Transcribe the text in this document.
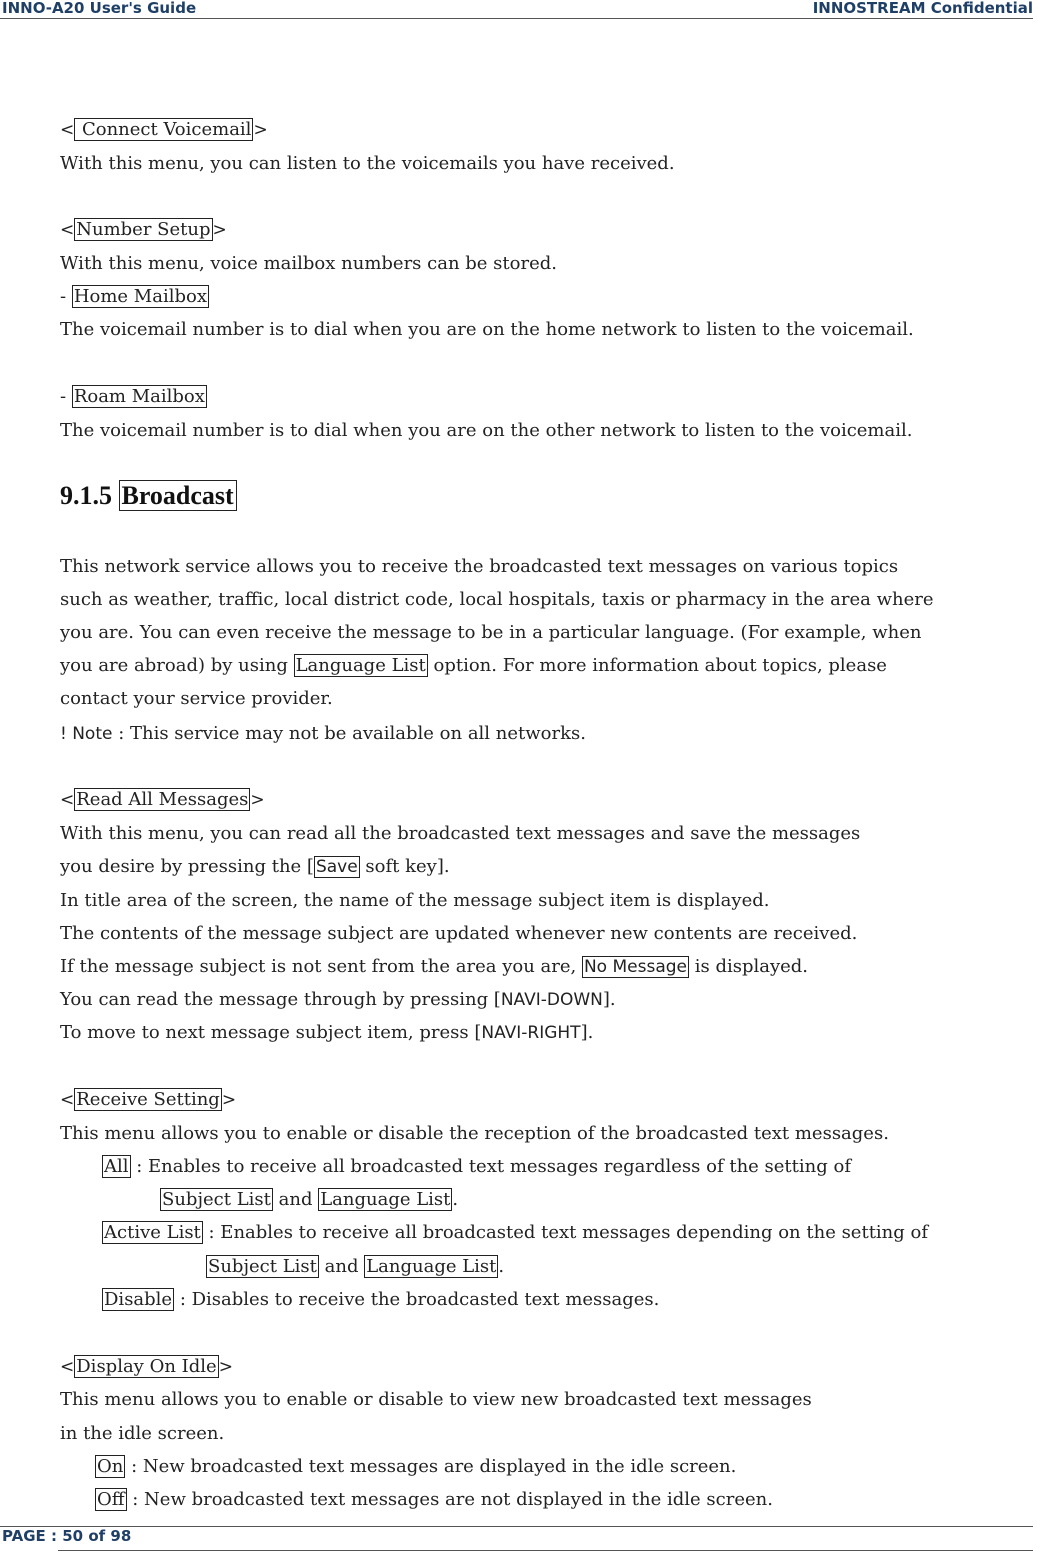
INNO-A20 User's Guide	INNOSTREAM Confidential
< Connect Voicemail >
With this menu, you can listen to the voicemails you have received.
< Number Setup >
With this menu, voice mailbox numbers can be stored.
- Home Mailbox
The voicemail number is to dial when you are on the home network to listen to the voicemail.
- Roam Mailbox
The voicemail number is to dial when you are on the other network to listen to the voicemail.
9.1.5 Broadcast
This network service allows you to receive the broadcasted text messages on various topics
such as weather, traffic, local district code, local hospitals, taxis or pharmacy in the area where
you are. You can even receive the message to be in a particular language. (For example, when
you are abroad) by using Language List option. For more information about topics, please
contact your service provider.
! Note : This service may not be available on all networks.
< Read All Messages >
With this menu, you can read all the broadcasted text messages and save the messages
you desire by pressing the [ Save soft key].
In title area of the screen, the name of the message subject item is displayed.
The contents of the message subject are updated whenever new contents are received.
If the message subject is not sent from the area you are, No Message is displayed.
You can read the message through by pressing [NAVI-DOWN].
To move to next message subject item, press [NAVI-RIGHT].
< Receive Setting >
This menu allows you to enable or disable the reception of the broadcasted text messages.
All : Enables to receive all broadcasted text messages regardless of the setting of
Subject List and Language List .
Active List : Enables to receive all broadcasted text messages depending on the setting of
Subject List and Language List .
Disable : Disables to receive the broadcasted text messages.
< Display On Idle >
This menu allows you to enable or disable to view new broadcasted text messages
in the idle screen.
On : New broadcasted text messages are displayed in the idle screen.
Off : New broadcasted text messages are not displayed in the idle screen.
PAGE : 50 of 98
